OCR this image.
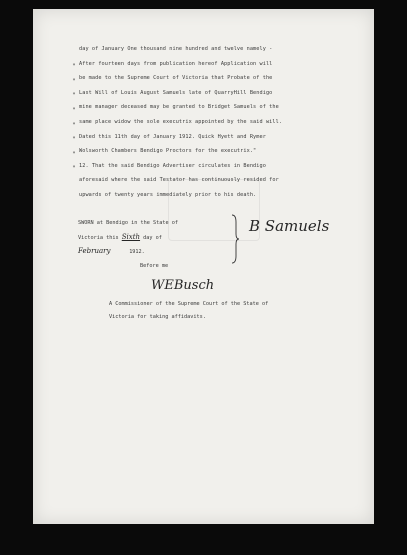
"
"
"
"
"
"
"
"
day of January One thousand nine hundred and twelve namely -
After fourteen days from publication hereof Application will
be made to the Supreme Court of Victoria that Probate of the
Last Will of Louis August Samuels late of QuarryHill Bendigo
mine manager deceased may be granted to Bridget Samuels of the
same place widow the sole executrix appointed by the said will.
Dated this 11th day of January 1912. Quick Hyett and Rymer
Wolsworth Chambers Bendigo Proctors for the executrix."
12. That the said Bendigo Advertiser circulates in Bendigo
aforesaid where the said Testator has continuously resided for
upwards of twenty years immediately prior to his death.
SWORN at Bendigo in the State of
Victoria this Sixth day of
February	1912.
Before me
B Samuels
WEBusch
A Commissioner of the Supreme Court of the State of
Victoria for taking affidavits.
